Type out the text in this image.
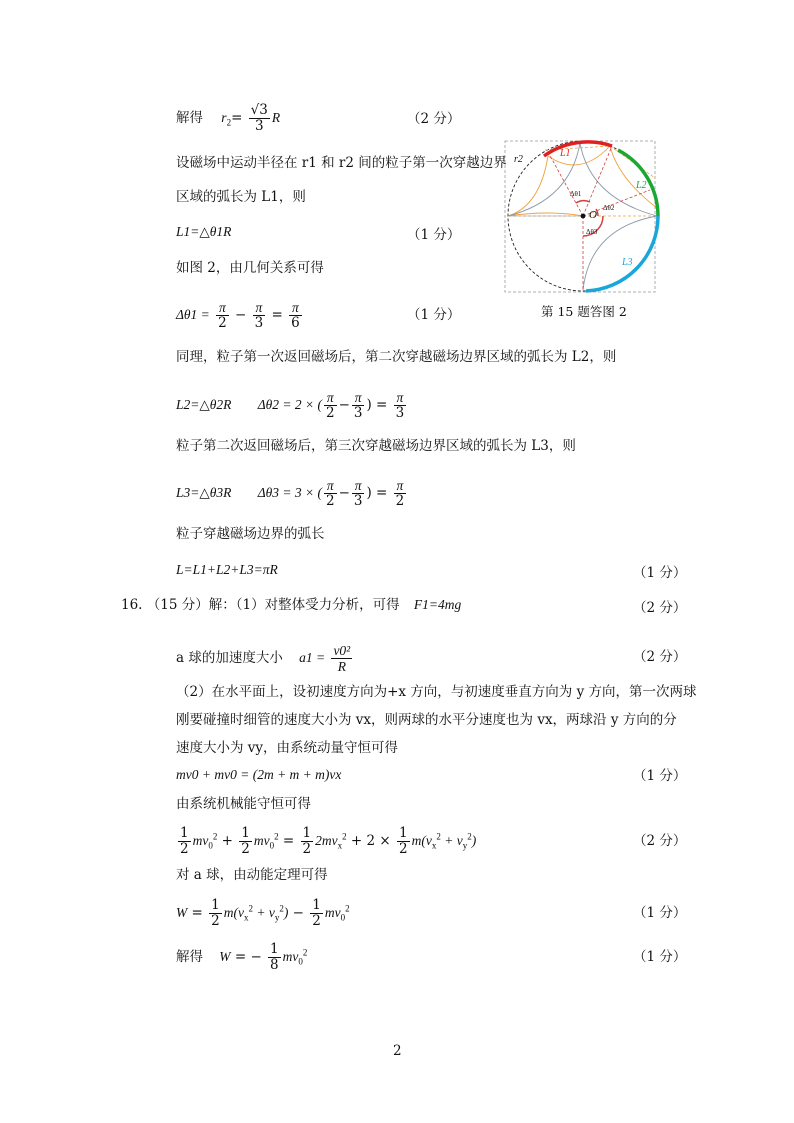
解得 $r_2= \frac{√3}{3}$ R	（2 分）
设磁场中运动半径在 r1 和 r2 间的粒子第一次穿越边界
区域的弧长为 L1，则
L1=△θ1R	（1 分）
如图 2，由几何关系可得
$\Delta\theta 1 = \frac{\pi}{2} - \frac{\pi}{3} = \frac{\pi}{6}$	（1 分）
r2
L1
L2
L3
O
Δθ1
Δθ2
Δθ3
第 15 题答图 2
同理，粒子第一次返回磁场后，第二次穿越磁场边界区域的弧长为 L2，则
L2=△θ2R Δθ2 = 2 × ( $\frac{\pi}{2} - \frac{\pi}{3}$ ) = $\frac{\pi}{3}$
粒子第二次返回磁场后，第三次穿越磁场边界区域的弧长为 L3，则
L3=△θ3R Δθ3 = 3 × ( $\frac{\pi}{2} - \frac{\pi}{3}$ ) = $\frac{\pi}{2}$
粒子穿越磁场边界的弧长
L=L1+L2+L3=πR	（1 分）
16. （15 分）解：（1）对整体受力分析，可得 F1=4mg	（2 分）
a 球的加速度大小 $a1 = \frac{\text{v0²}}{R}$	（2 分）
（2）在水平面上，设初速度方向为+x 方向，与初速度垂直方向为 y 方向，第一次两球
刚要碰撞时细管的速度大小为 vx，则两球的水平分速度也为 vx，两球沿 y 方向的分
速度大小为 vy，由系统动量守恒可得
mv0 + mv0 = (2m + m + m)vx	（1 分）
由系统机械能守恒可得
$\frac{1}{2} mv_0^2 + \frac{1}{2} mv_0^2 = \frac{1}{2} 2mv_x^2 + 2 \times \frac{1}{2} m(v_x^2 + v_y^2)$	（2 分）
对 a 球，由动能定理可得
$W = \frac{1}{2} m(v_x^2 + v_y^2) - \frac{1}{2} mv_0^2$	（1 分）
解得 W = − $\frac{1}{8} mv_0^2$	（1 分）
2
